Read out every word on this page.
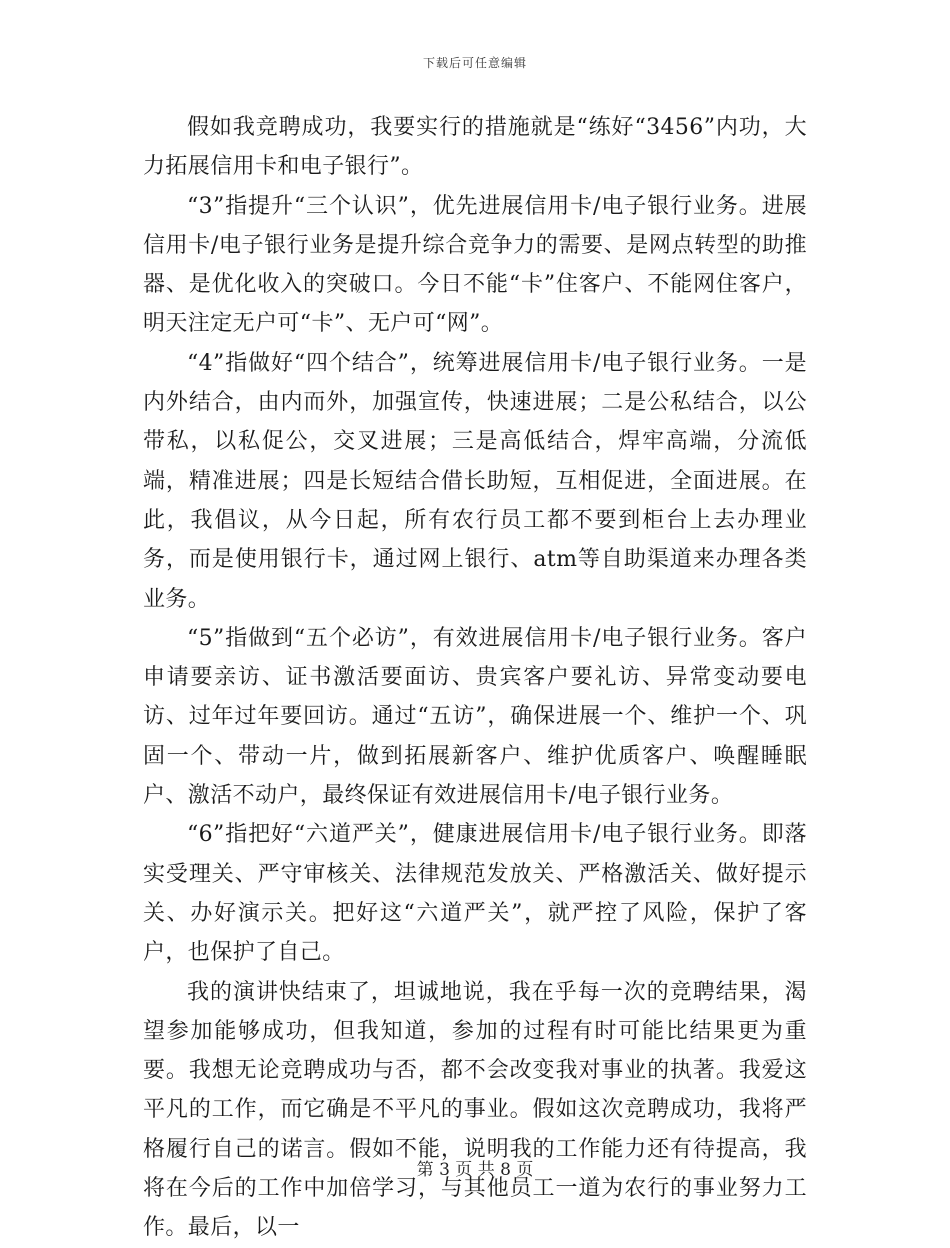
下载后可任意编辑

假如我竞聘成功，我要实行的措施就是“练好“3456”内功，大力拓展信用卡和电子银行”。

“3”指提升“三个认识”，优先进展信用卡/电子银行业务。进展信用卡/电子银行业务是提升综合竞争力的需要、是网点转型的助推器、是优化收入的突破口。今日不能“卡”住客户、不能网住客户，明天注定无户可“卡”、无户可“网”。

“4”指做好“四个结合”，统筹进展信用卡/电子银行业务。一是内外结合，由内而外，加强宣传，快速进展；二是公私结合，以公带私，以私促公，交叉进展；三是高低结合，焊牢高端，分流低端，精准进展；四是长短结合借长助短，互相促进，全面进展。在此，我倡议，从今日起，所有农行员工都不要到柜台上去办理业务，而是使用银行卡，通过网上银行、atm等自助渠道来办理各类业务。

“5”指做到“五个必访”，有效进展信用卡/电子银行业务。客户申请要亲访、证书激活要面访、贵宾客户要礼访、异常变动要电访、过年过年要回访。通过“五访”，确保进展一个、维护一个、巩固一个、带动一片，做到拓展新客户、维护优质客户、唤醒睡眠户、激活不动户，最终保证有效进展信用卡/电子银行业务。

“6”指把好“六道严关”，健康进展信用卡/电子银行业务。即落实受理关、严守审核关、法律规范发放关、严格激活关、做好提示关、办好演示关。把好这“六道严关”，就严控了风险，保护了客户，也保护了自己。

我的演讲快结束了，坦诚地说，我在乎每一次的竞聘结果，渴望参加能够成功，但我知道，参加的过程有时可能比结果更为重要。我想无论竞聘成功与否，都不会改变我对事业的执著。我爱这平凡的工作，而它确是不平凡的事业。假如这次竞聘成功，我将严格履行自己的诺言。假如不能，说明我的工作能力还有待提高，我将在今后的工作中加倍学习，与其他员工一道为农行的事业努力工作。最后，以一

第 3 页 共 8 页
